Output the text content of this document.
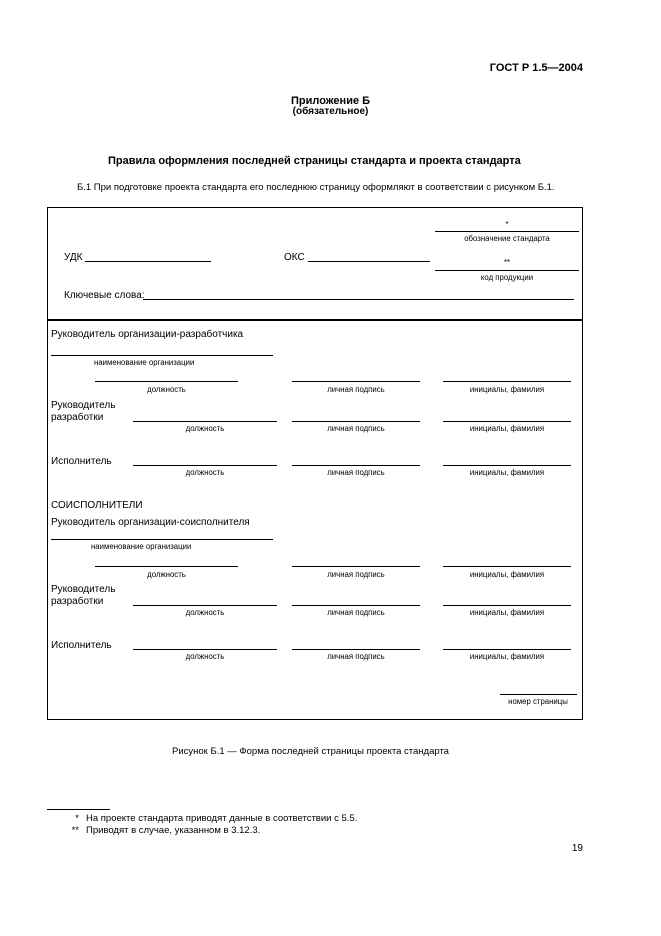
ГОСТ Р 1.5—2004
Приложение Б
(обязательное)
Правила оформления последней страницы стандарта и проекта стандарта
Б.1 При подготовке проекта стандарта его последнюю страницу оформляют в соответствии с рисунком Б.1.
*
обозначение стандарта
**
код продукции
УДК	ОКС
Ключевые слова:
Руководитель организации-разработчика
наименование организации
должность	личная подпись	инициалы, фамилия
Руководитель
разработки
должность	личная подпись	инициалы, фамилия
Исполнитель
должность	личная подпись	инициалы, фамилия
СОИСПОЛНИТЕЛИ
Руководитель организации-соисполнителя
наименование организации
должность	личная подпись	инициалы, фамилия
Руководитель
разработки
должность	личная подпись	инициалы, фамилия
Исполнитель
должность	личная подпись	инициалы, фамилия
номер страницы
Рисунок Б.1 — Форма последней страницы проекта стандарта
* На проекте стандарта приводят данные в соответствии с 5.5.
** Приводят в случае, указанном в 3.12.3.
19
